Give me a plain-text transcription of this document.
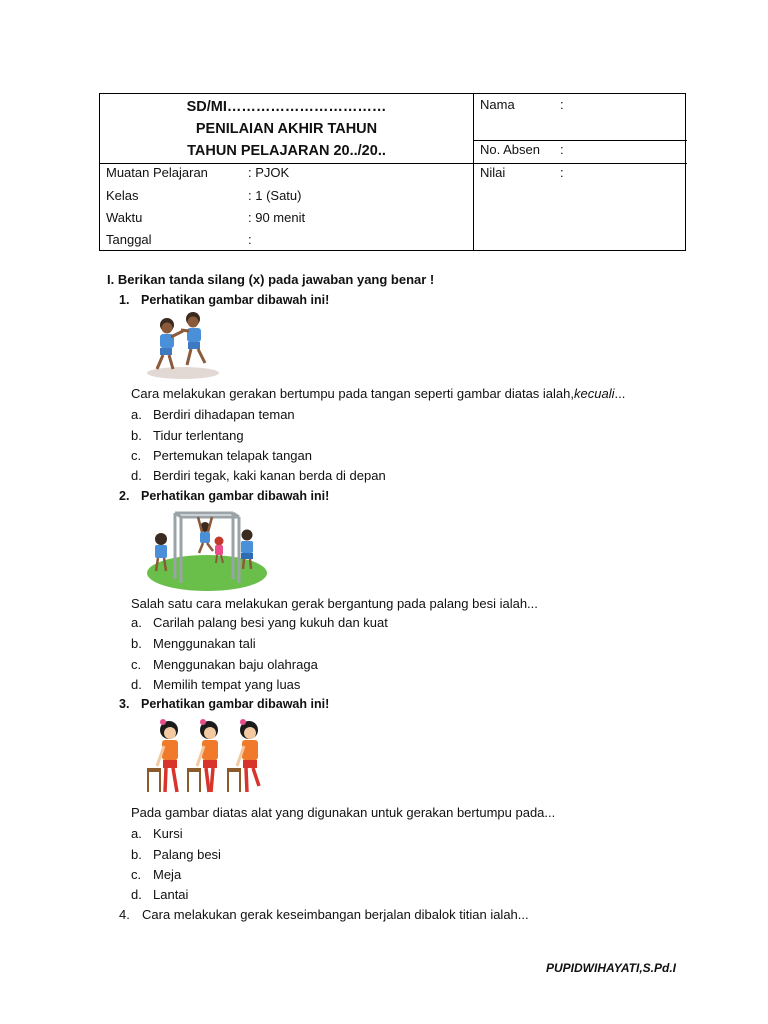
SD/MI……………………………
PENILAIAN AKHIR TAHUN
TAHUN PELAJARAN 20../20..
Muatan Pelajaran	: PJOK
Kelas	: 1 (Satu)
Waktu	: 90 menit
Tanggal	:
Nama	:
No. Absen :
Nilai	:
I. Berikan tanda silang (x) pada jawaban yang benar !
1. Perhatikan gambar dibawah ini!
Cara melakukan gerakan bertumpu pada tangan seperti gambar diatas ialah,kecuali...
a. Berdiri dihadapan teman
b. Tidur terlentang
c. Pertemukan telapak tangan
d. Berdiri tegak, kaki kanan berda di depan
2. Perhatikan gambar dibawah ini!
Salah satu cara melakukan gerak bergantung pada palang besi ialah...
a. Carilah palang besi yang kukuh dan kuat
b. Menggunakan tali
c. Menggunakan baju olahraga
d. Memilih tempat yang luas
3. Perhatikan gambar dibawah ini!
Pada gambar diatas alat yang digunakan untuk gerakan bertumpu pada...
a. Kursi
b. Palang besi
c. Meja
d. Lantai
4. Cara melakukan gerak keseimbangan berjalan dibalok titian ialah...
PUPIDWIHAYATI,S.Pd.I
